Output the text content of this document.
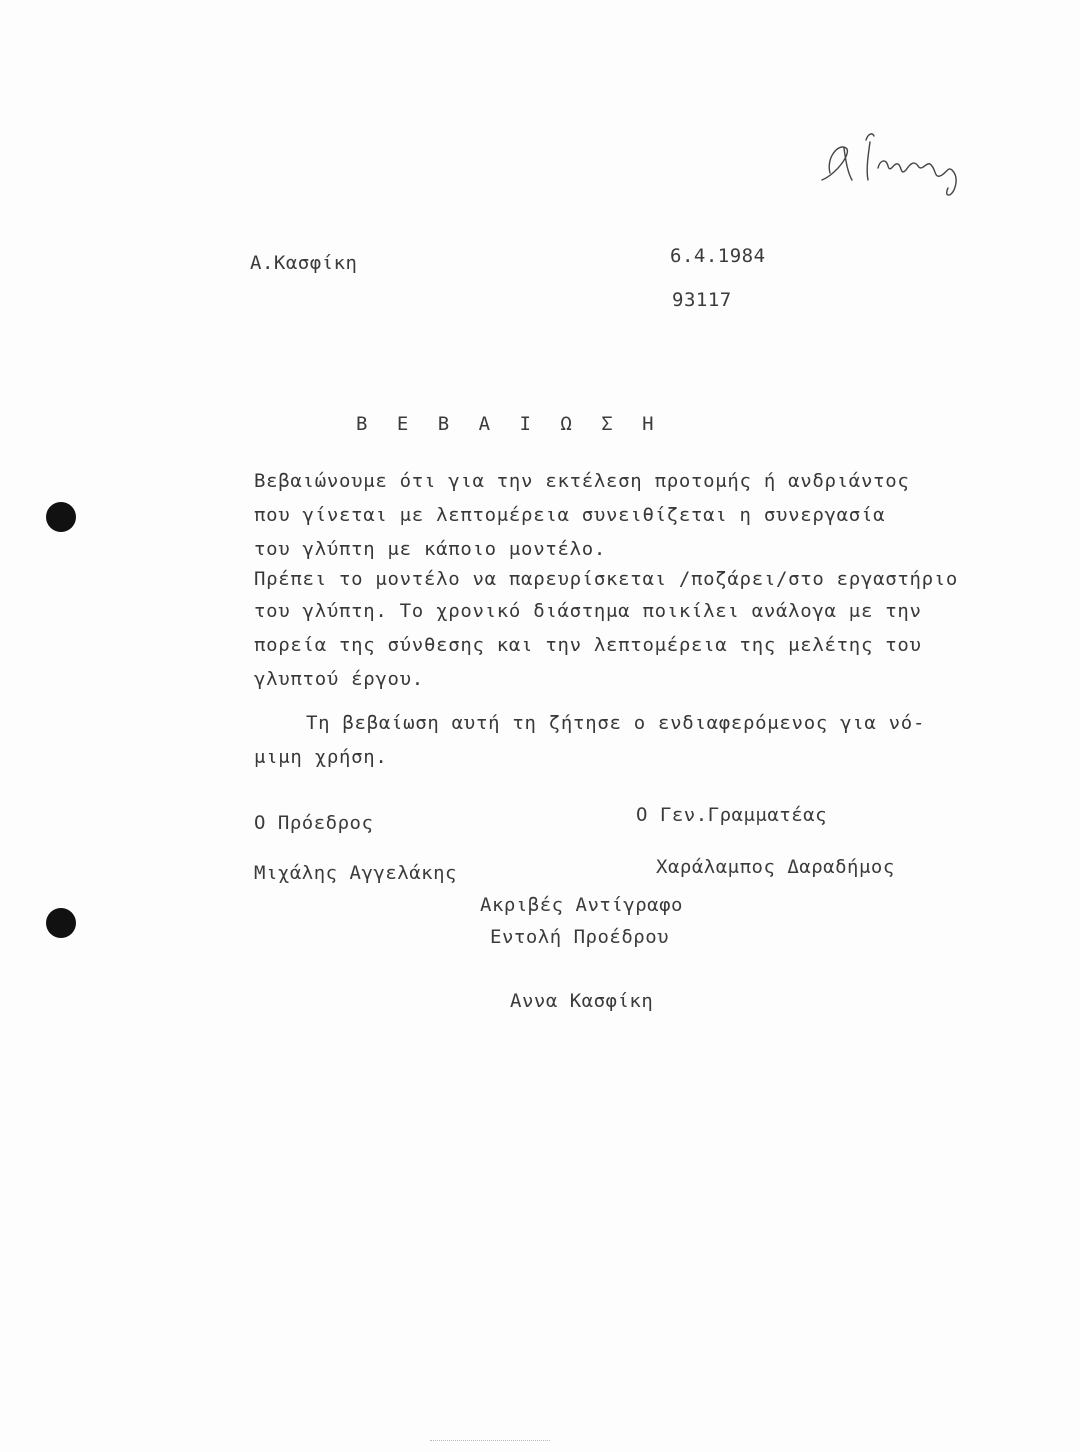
Α.Κασφίκη	6.4.1984
93117
Β Ε Β Α Ι Ω Σ Η
Βεβαιώνουμε ότι για την εκτέλεση προτομής ή ανδριάντος
που γίνεται με λεπτομέρεια συνειθίζεται η συνεργασία
του γλύπτη με κάποιο μοντέλο.
Πρέπει το μοντέλο να παρευρίσκεται /ποζάρει/στο εργαστήριο
του γλύπτη. Το χρονικό διάστημα ποικίλει ανάλογα με την
πορεία της σύνθεσης και την λεπτομέρεια της μελέτης του
γλυπτού έργου.
Τη βεβαίωση αυτή τη ζήτησε ο ενδιαφερόμενος για νό-
μιμη χρήση.
Ο Πρόεδρος	Ο Γεν.Γραμματέας
Μιχάλης Αγγελάκης	Χαράλαμπος Δαραδήμος
Ακριβές Αντίγραφο
Εντολή Προέδρου
Αννα Κασφίκη
